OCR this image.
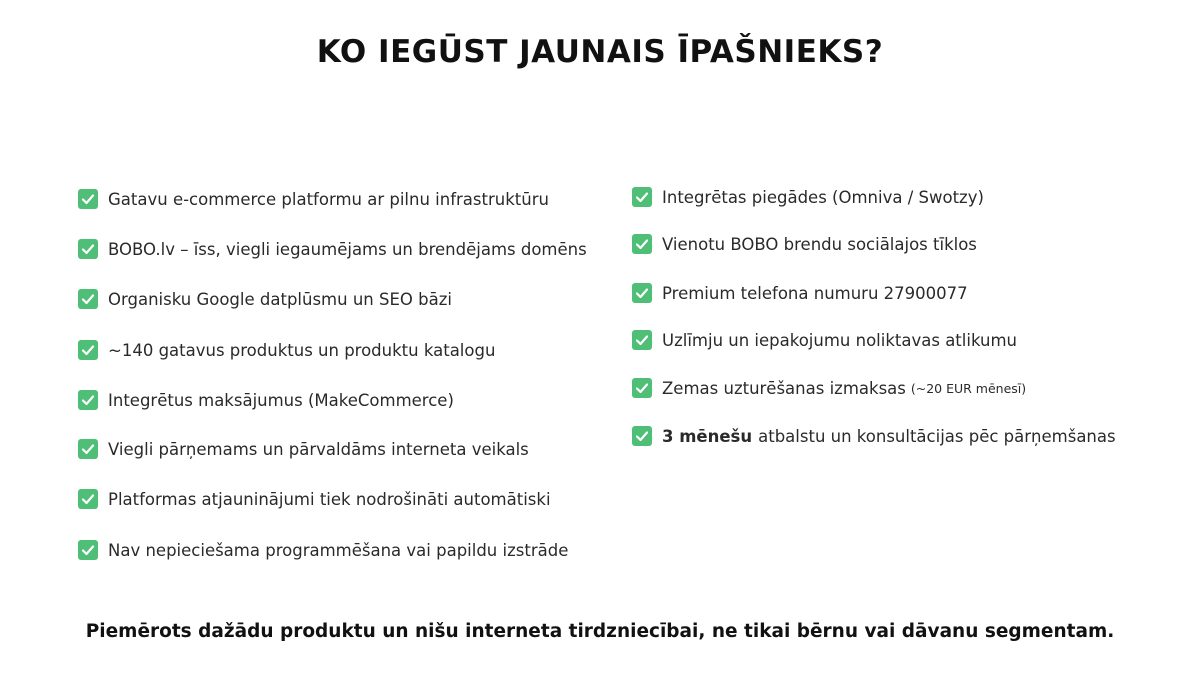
KO IEGŪST JAUNAIS ĪPAŠNIEKS?
Gatavu e-commerce platformu ar pilnu infrastruktūru
BOBO.lv – īss, viegli iegaumējams un brendējams domēns
Organisku Google datplūsmu un SEO bāzi
~140 gatavus produktus un produktu katalogu
Integrētus maksājumus (MakeCommerce)
Viegli pārņemams un pārvaldāms interneta veikals
Platformas atjauninājumi tiek nodrošināti automātiski
Nav nepieciešama programmēšana vai papildu izstrāde
Integrētas piegādes (Omniva / Swotzy)
Vienotu BOBO brendu sociālajos tīklos
Premium telefona numuru 27900077
Uzlīmju un iepakojumu noliktavas atlikumu
Zemas uzturēšanas izmaksas (~20 EUR mēnesī)
3 mēnešu atbalstu un konsultācijas pēc pārņemšanas
Piemērots dažādu produktu un nišu interneta tirdzniecībai, ne tikai bērnu vai dāvanu segmentam.
